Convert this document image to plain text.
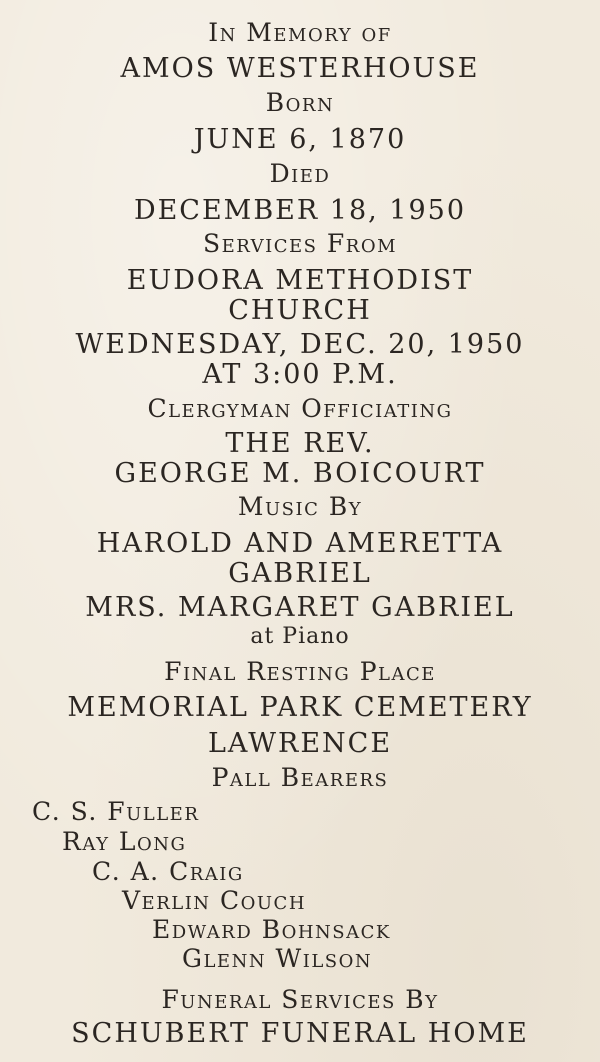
In Memory of
AMOS WESTERHOUSE
Born
JUNE 6, 1870
Died
DECEMBER 18, 1950
Services From
EUDORA METHODIST
CHURCH
WEDNESDAY, DEC. 20, 1950
AT 3:00 P.M.
Clergyman Officiating
THE REV.
GEORGE M. BOICOURT
Music By
HAROLD AND AMERETTA
GABRIEL
MRS. MARGARET GABRIEL
at Piano
Final Resting Place
MEMORIAL PARK CEMETERY
LAWRENCE
Pall Bearers
C. S. Fuller
Ray Long
C. A. Craig
Verlin Couch
Edward Bohnsack
Glenn Wilson
Funeral Services By
SCHUBERT FUNERAL HOME
